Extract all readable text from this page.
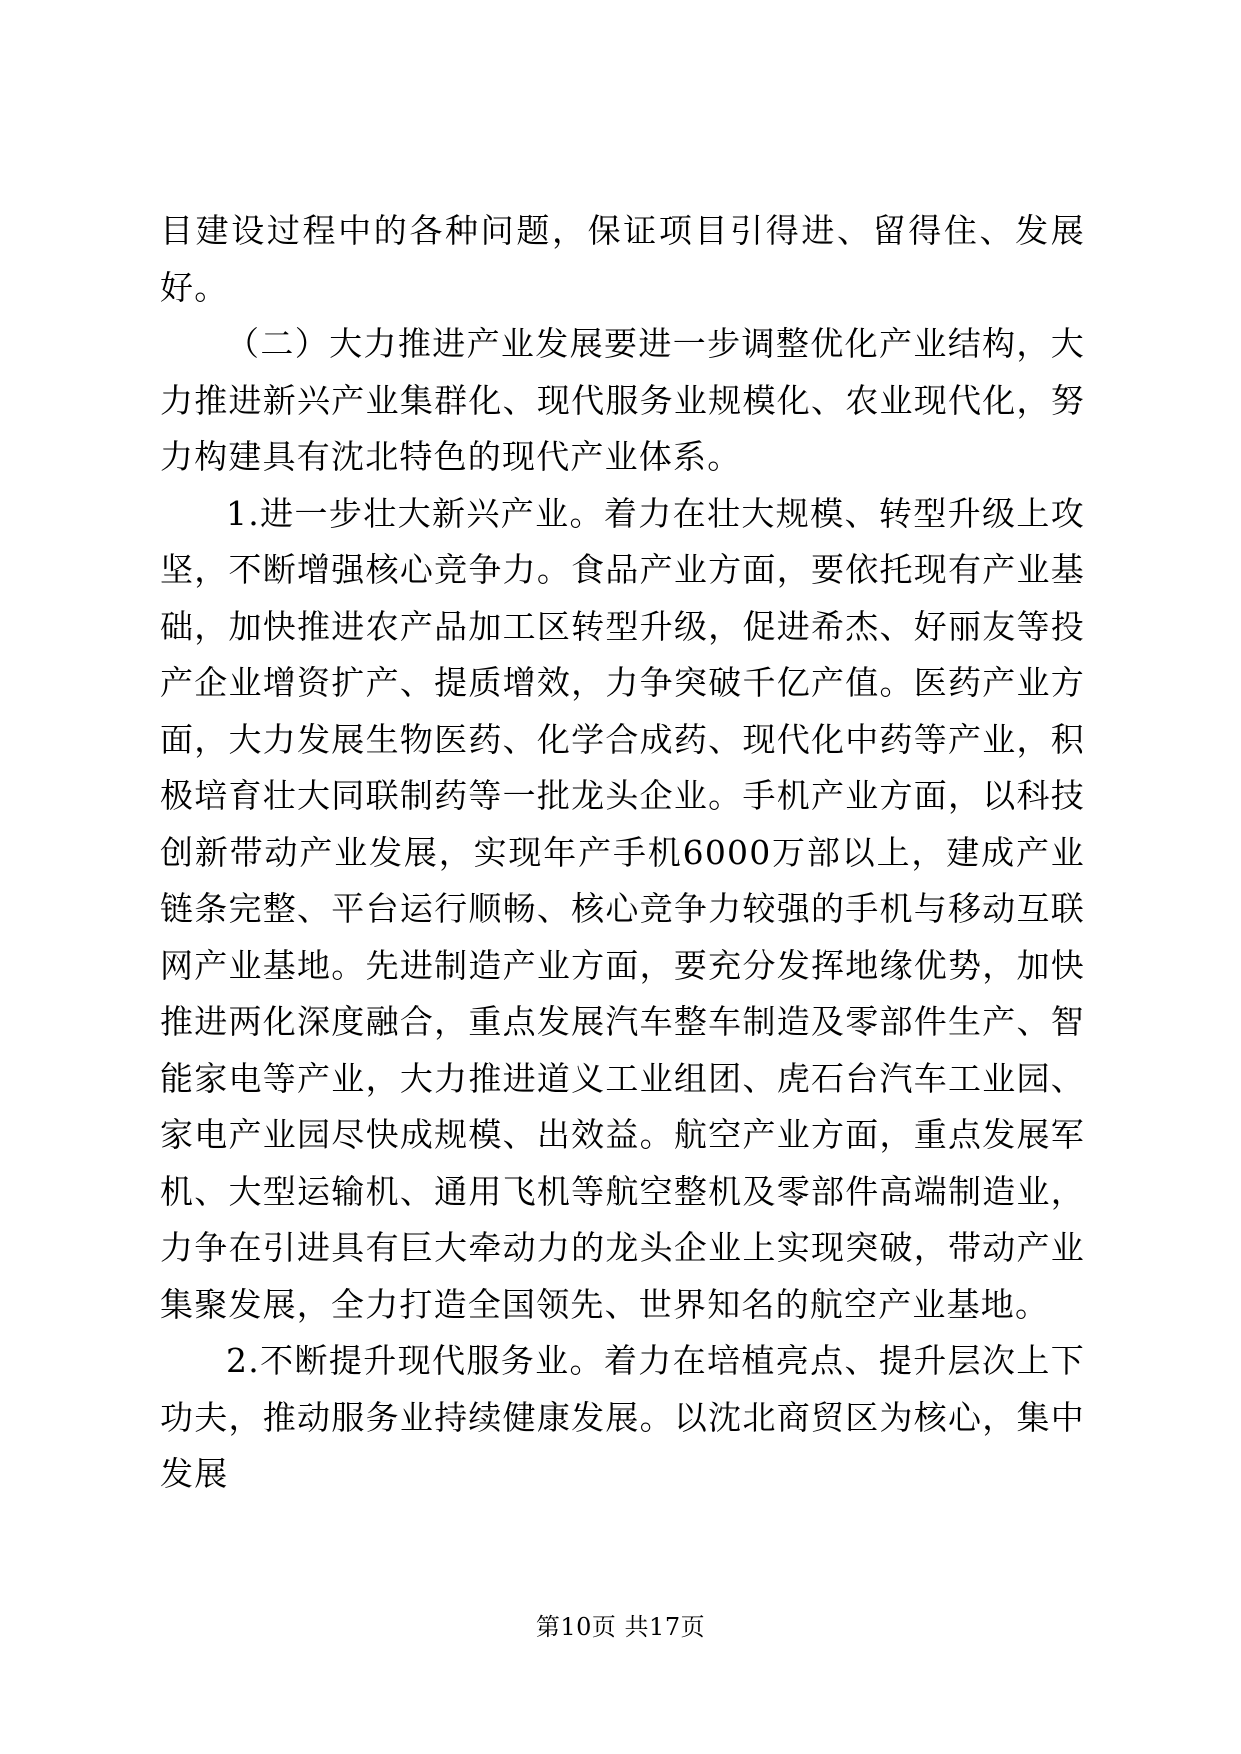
目建设过程中的各种问题，保证项目引得进、留得住、发展好。

（二）大力推进产业发展要进一步调整优化产业结构，大力推进新兴产业集群化、现代服务业规模化、农业现代化，努力构建具有沈北特色的现代产业体系。

1.进一步壮大新兴产业。着力在壮大规模、转型升级上攻坚，不断增强核心竞争力。食品产业方面，要依托现有产业基础，加快推进农产品加工区转型升级，促进希杰、好丽友等投产企业增资扩产、提质增效，力争突破千亿产值。医药产业方面，大力发展生物医药、化学合成药、现代化中药等产业，积极培育壮大同联制药等一批龙头企业。手机产业方面，以科技创新带动产业发展，实现年产手机6000万部以上，建成产业链条完整、平台运行顺畅、核心竞争力较强的手机与移动互联网产业基地。先进制造产业方面，要充分发挥地缘优势，加快推进两化深度融合，重点发展汽车整车制造及零部件生产、智能家电等产业，大力推进道义工业组团、虎石台汽车工业园、家电产业园尽快成规模、出效益。航空产业方面，重点发展军机、大型运输机、通用飞机等航空整机及零部件高端制造业，力争在引进具有巨大牵动力的龙头企业上实现突破，带动产业集聚发展，全力打造全国领先、世界知名的航空产业基地。

2.不断提升现代服务业。着力在培植亮点、提升层次上下功夫，推动服务业持续健康发展。以沈北商贸区为核心，集中发展

第10页 共17页
